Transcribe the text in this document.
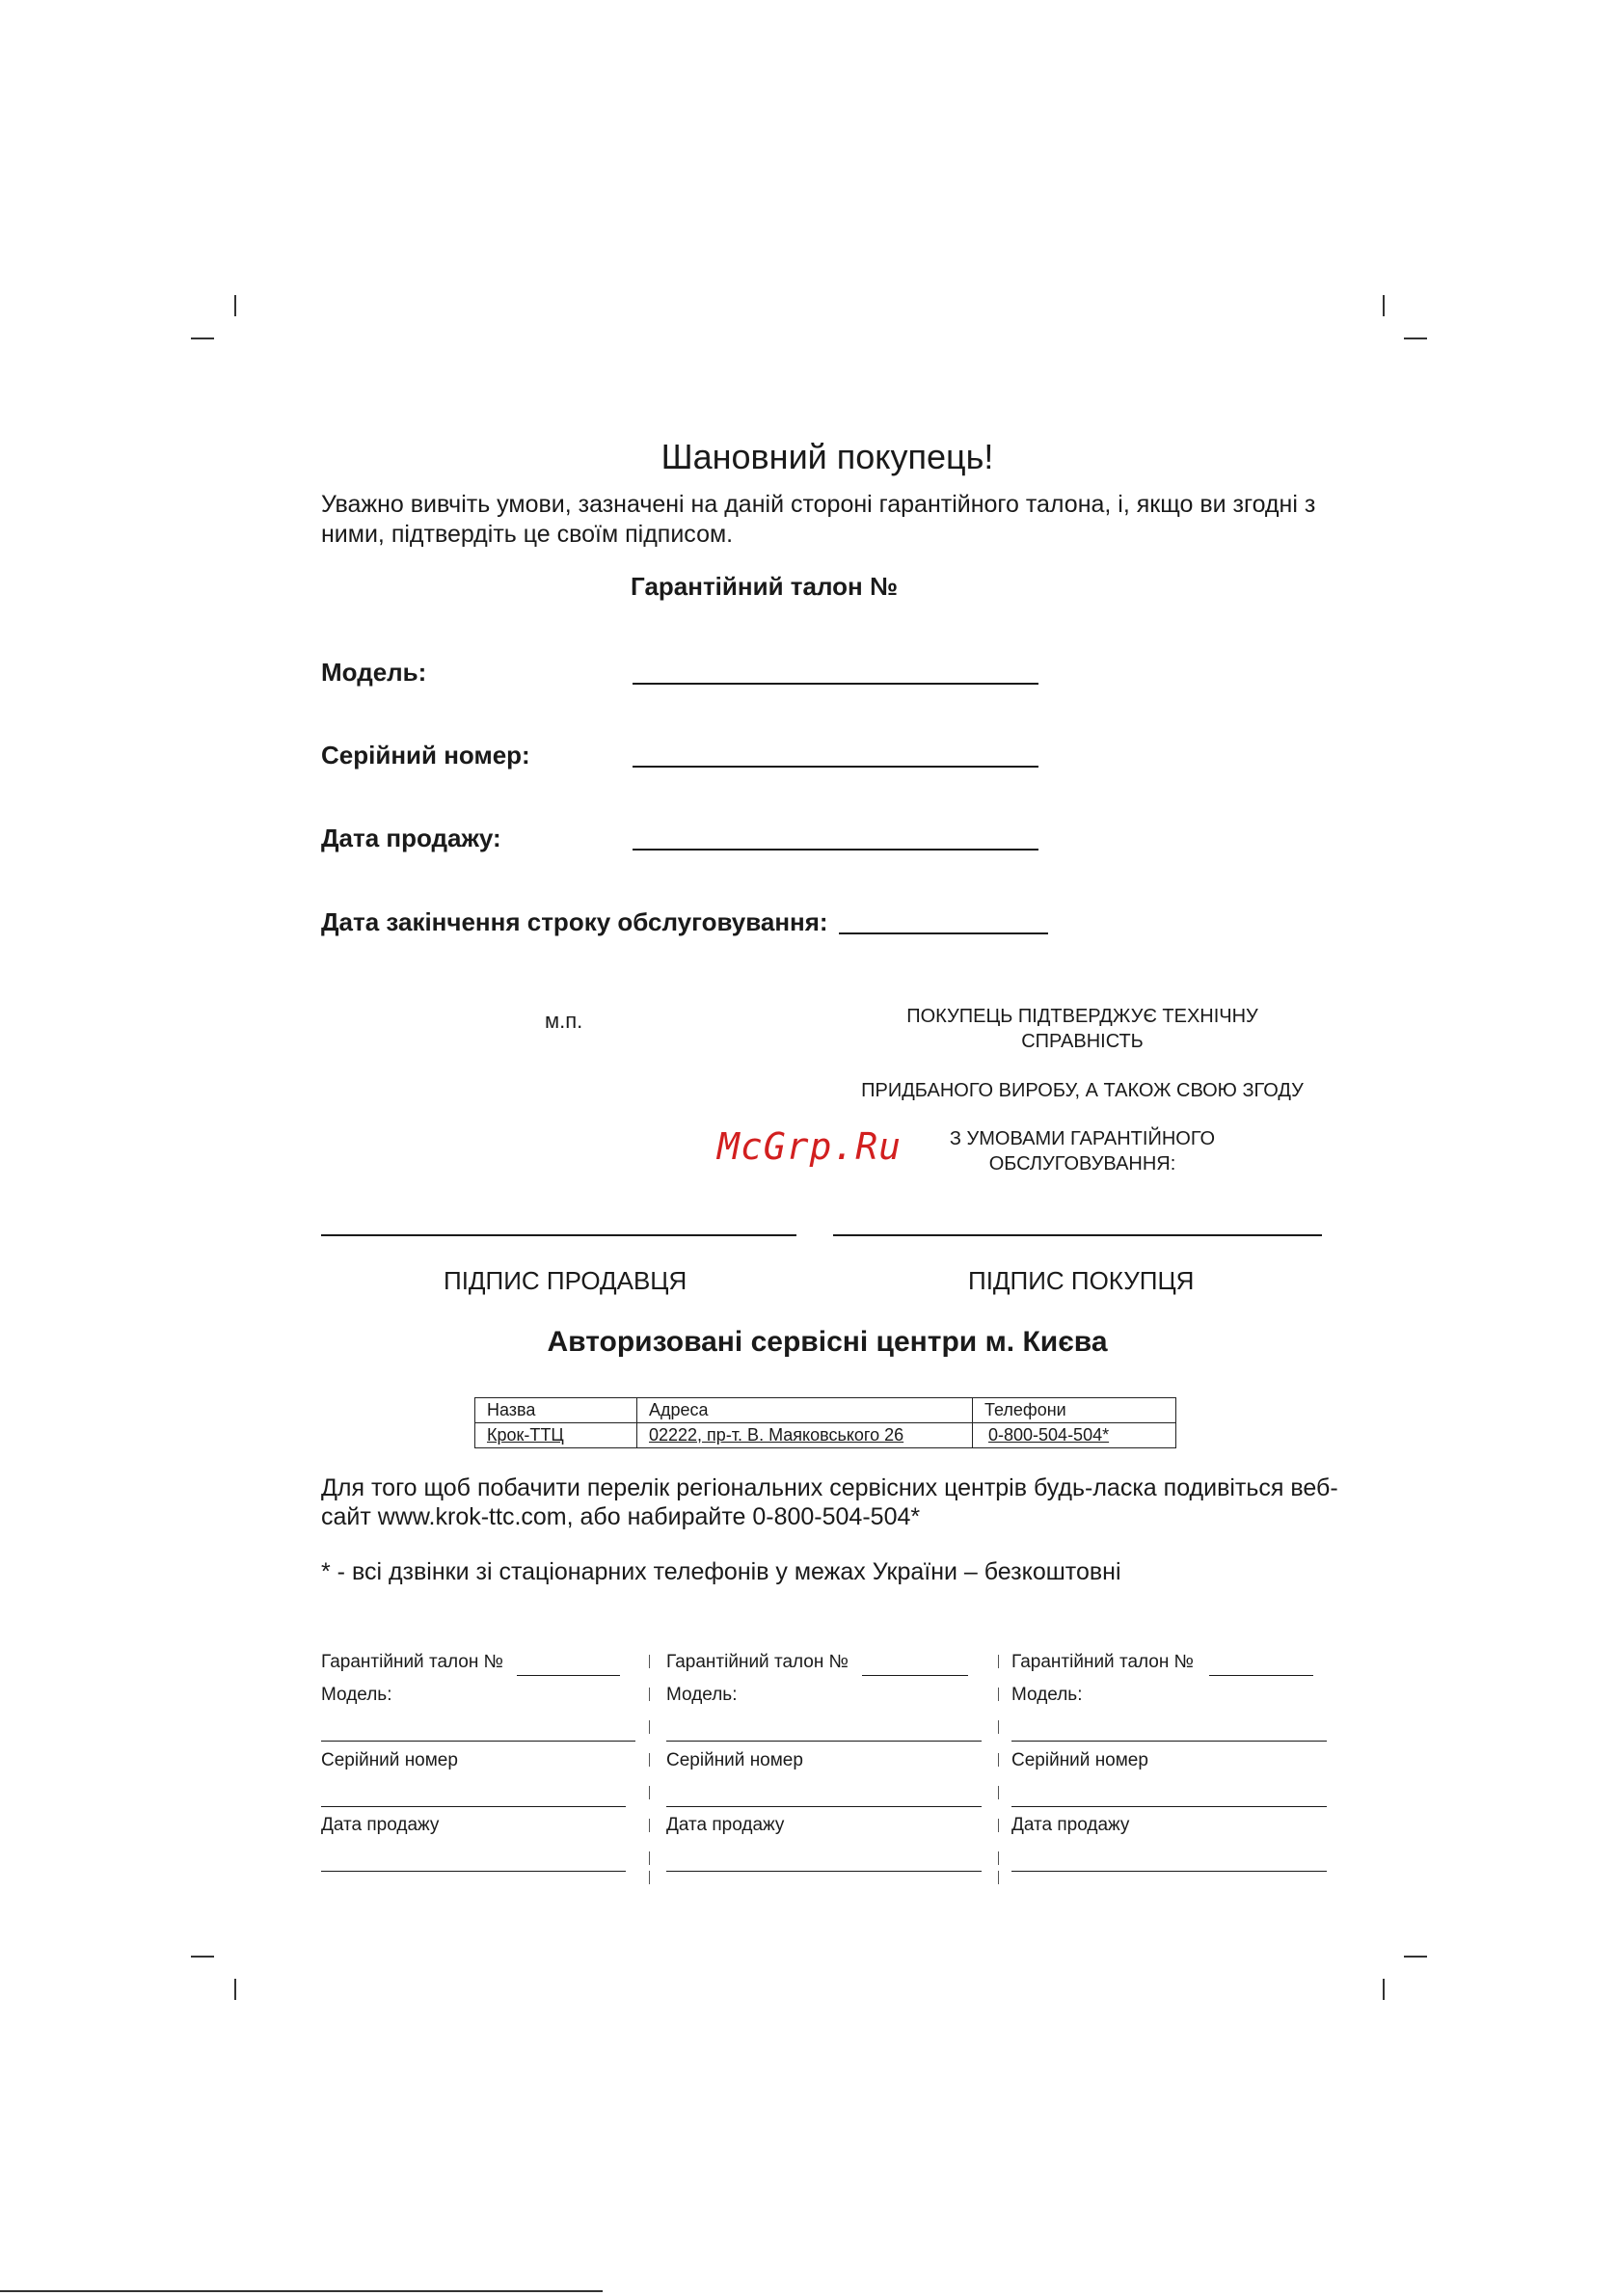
Шановний покупець!
Уважно вивчіть умови, зазначені на даній стороні гарантійного талона, і, якщо ви згодні з ними, підтвердіть це своїм підписом.
Гарантійний талон №
Модель:
Серійний номер:
Дата продажу:
Дата закінчення строку обслуговування:
м.п.	ПОКУПЕЦЬ ПІДТВЕРДЖУЄ ТЕХНІЧНУ
СПРАВНІСТЬ
ПРИДБАНОГО ВИРОБУ, А ТАКОЖ СВОЮ ЗГОДУ
З УМОВАМИ ГАРАНТІЙНОГО
ОБСЛУГОВУВАННЯ:
McGrp.Ru
ПІДПИС ПРОДАВЦЯ	ПІДПИС ПОКУПЦЯ
Авторизовані сервісні центри м. Києва
Назва	Адреса	Телефони
Крок-ТТЦ	02222, пр-т. В. Маяковського 26	0-800-504-504*
Для того щоб побачити перелік регіональних сервісних центрів будь-ласка подивіться веб-сайт www.krok-ttc.com, або набирайте 0-800-504-504*
* - всі дзвінки зі стаціонарних телефонів у межах України – безкоштовні
Гарантійний талон №
Модель:
Серійний номер
Дата продажу
Гарантійний талон №
Модель:
Серійний номер
Дата продажу
Гарантійний талон №
Модель:
Серійний номер
Дата продажу
